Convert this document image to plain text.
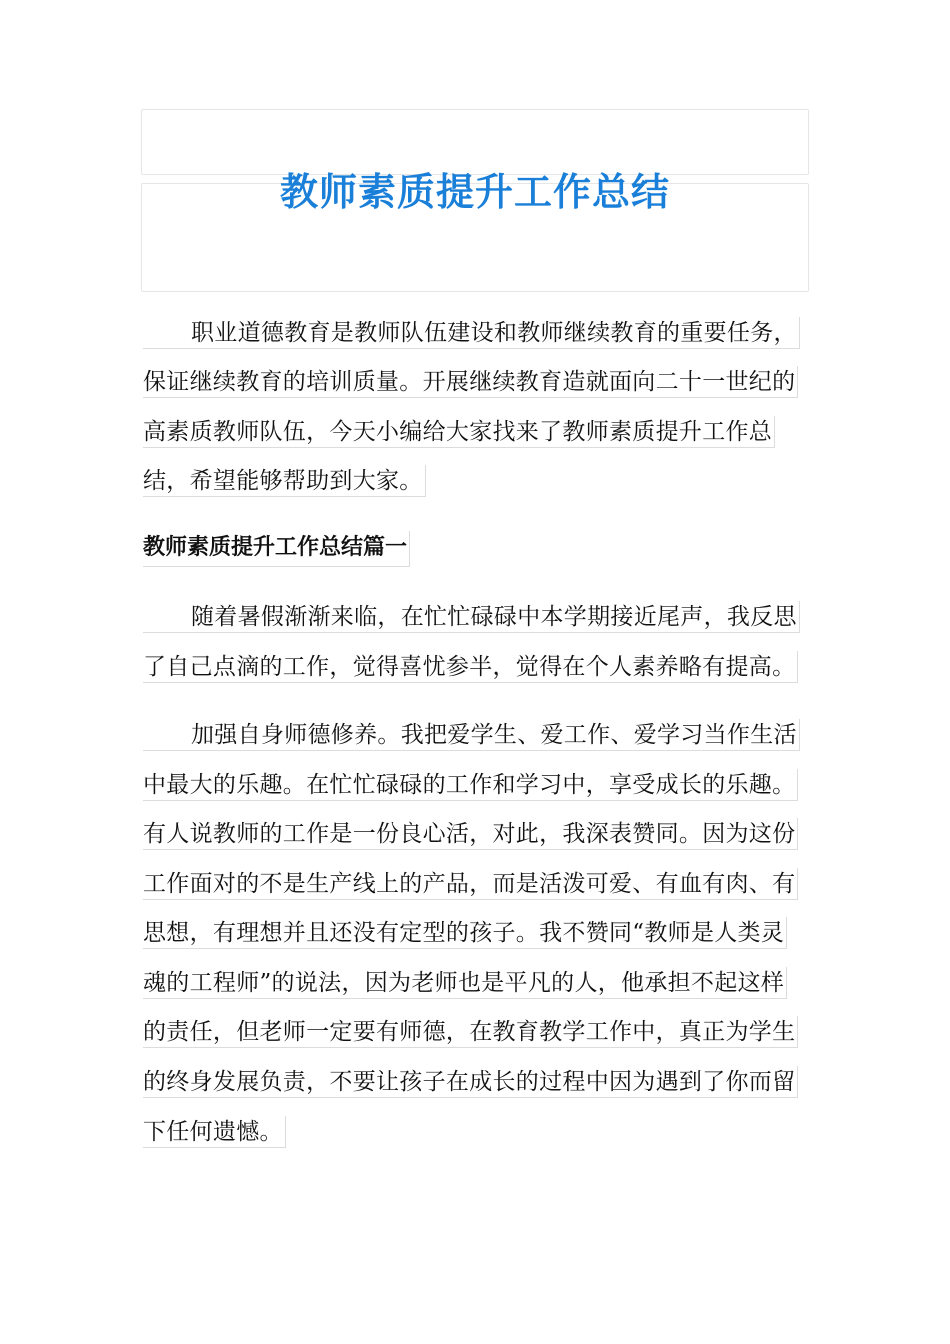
教师素质提升工作总结
职业道德教育是教师队伍建设和教师继续教育的重要任务，
保证继续教育的培训质量。开展继续教育造就面向二十一世纪的
高素质教师队伍，今天小编给大家找来了教师素质提升工作总
结，希望能够帮助到大家。
教师素质提升工作总结篇一
随着暑假渐渐来临，在忙忙碌碌中本学期接近尾声，我反思
了自己点滴的工作，觉得喜忧参半，觉得在个人素养略有提高。
加强自身师德修养。我把爱学生、爱工作、爱学习当作生活
中最大的乐趣。在忙忙碌碌的工作和学习中，享受成长的乐趣。
有人说教师的工作是一份良心活，对此，我深表赞同。因为这份
工作面对的不是生产线上的产品，而是活泼可爱、有血有肉、有
思想，有理想并且还没有定型的孩子。我不赞同“教师是人类灵
魂的工程师”的说法，因为老师也是平凡的人，他承担不起这样
的责任，但老师一定要有师德，在教育教学工作中，真正为学生
的终身发展负责，不要让孩子在成长的过程中因为遇到了你而留
下任何遗憾。
